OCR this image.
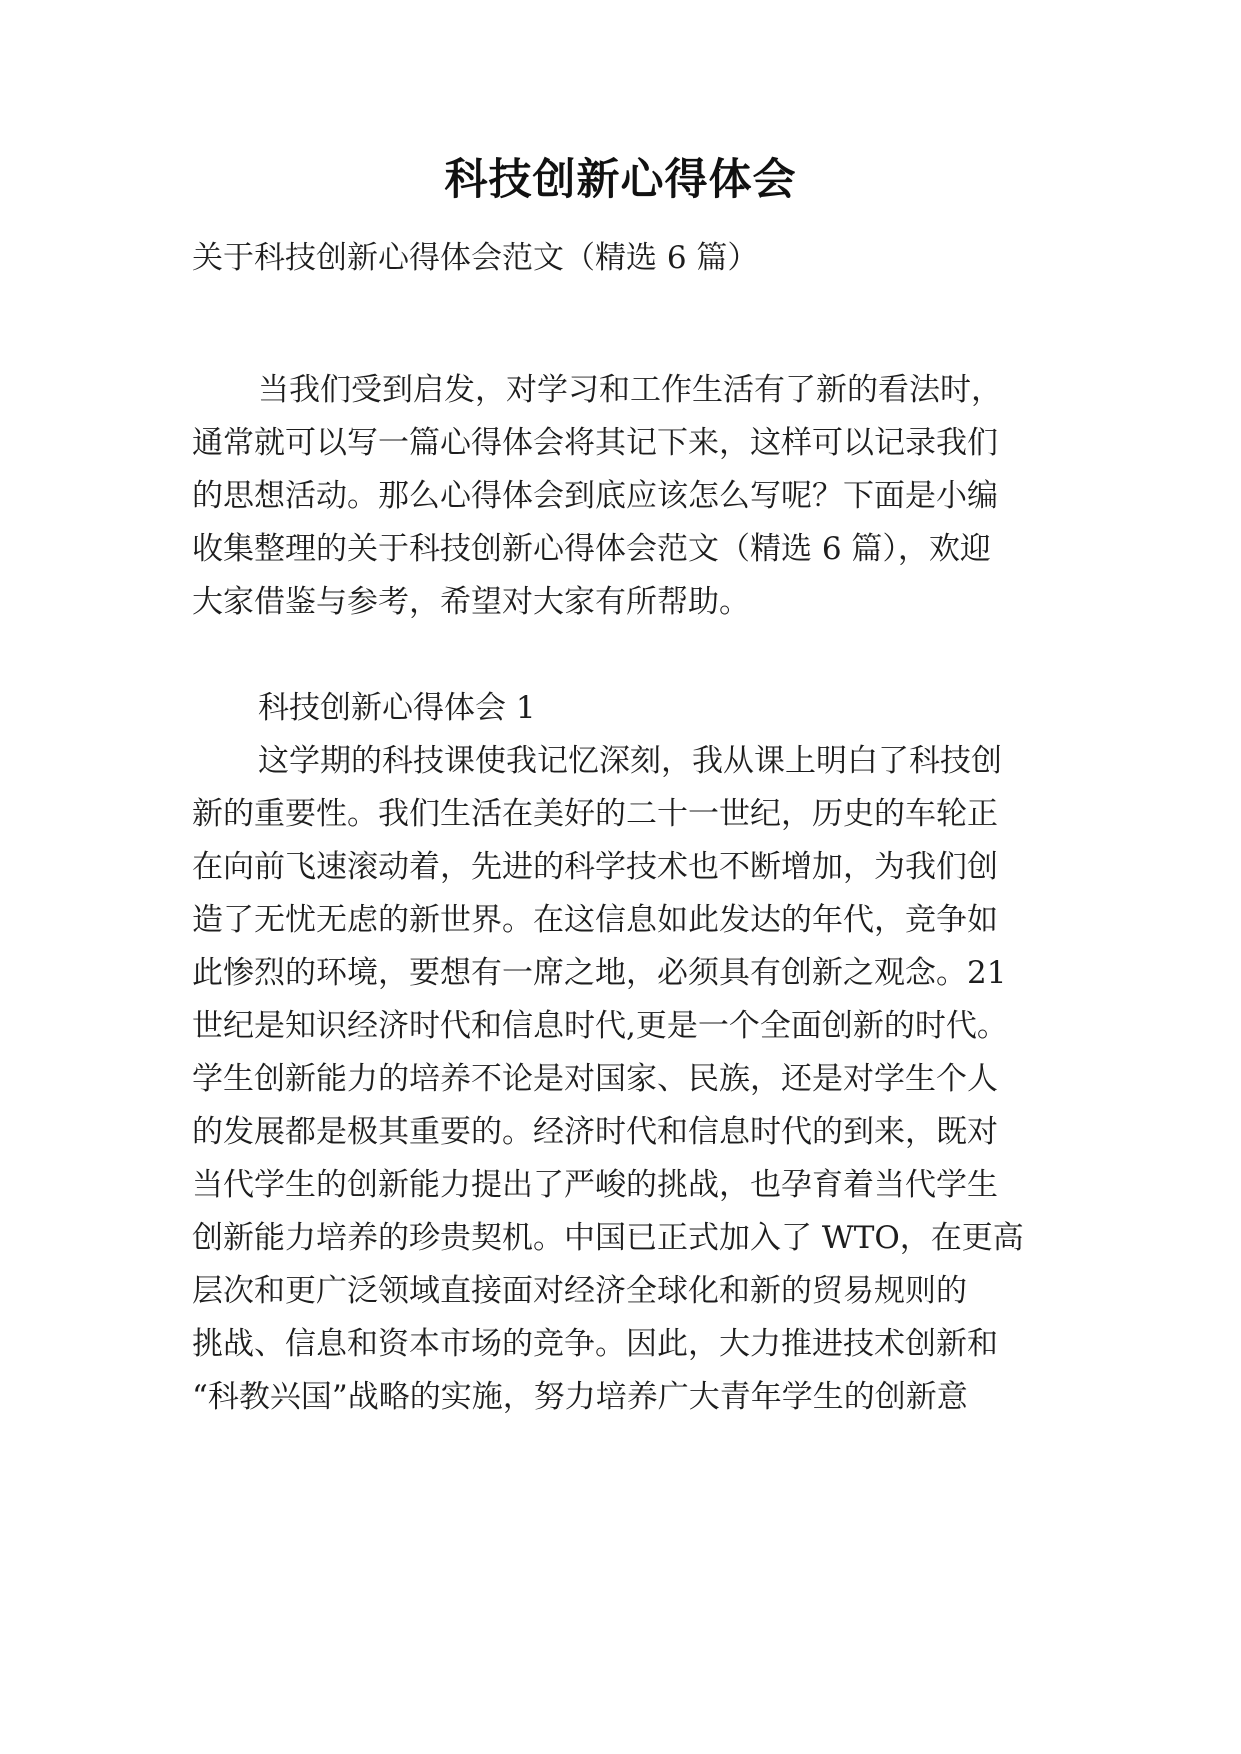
科技创新心得体会
关于科技创新心得体会范文（精选 6 篇）
当我们受到启发，对学习和工作生活有了新的看法时，
通常就可以写一篇心得体会将其记下来，这样可以记录我们
的思想活动。那么心得体会到底应该怎么写呢？下面是小编
收集整理的关于科技创新心得体会范文（精选 6 篇），欢迎
大家借鉴与参考，希望对大家有所帮助。
科技创新心得体会 1
这学期的科技课使我记忆深刻，我从课上明白了科技创
新的重要性。我们生活在美好的二十一世纪，历史的车轮正
在向前飞速滚动着，先进的科学技术也不断增加，为我们创
造了无忧无虑的新世界。在这信息如此发达的年代，竞争如
此惨烈的环境，要想有一席之地，必须具有创新之观念。21
世纪是知识经济时代和信息时代,更是一个全面创新的时代。
学生创新能力的培养不论是对国家、民族，还是对学生个人
的发展都是极其重要的。经济时代和信息时代的到来，既对
当代学生的创新能力提出了严峻的挑战，也孕育着当代学生
创新能力培养的珍贵契机。中国已正式加入了 WTO，在更高
层次和更广泛领域直接面对经济全球化和新的贸易规则的
挑战、信息和资本市场的竞争。因此，大力推进技术创新和
“科教兴国”战略的实施，努力培养广大青年学生的创新意
